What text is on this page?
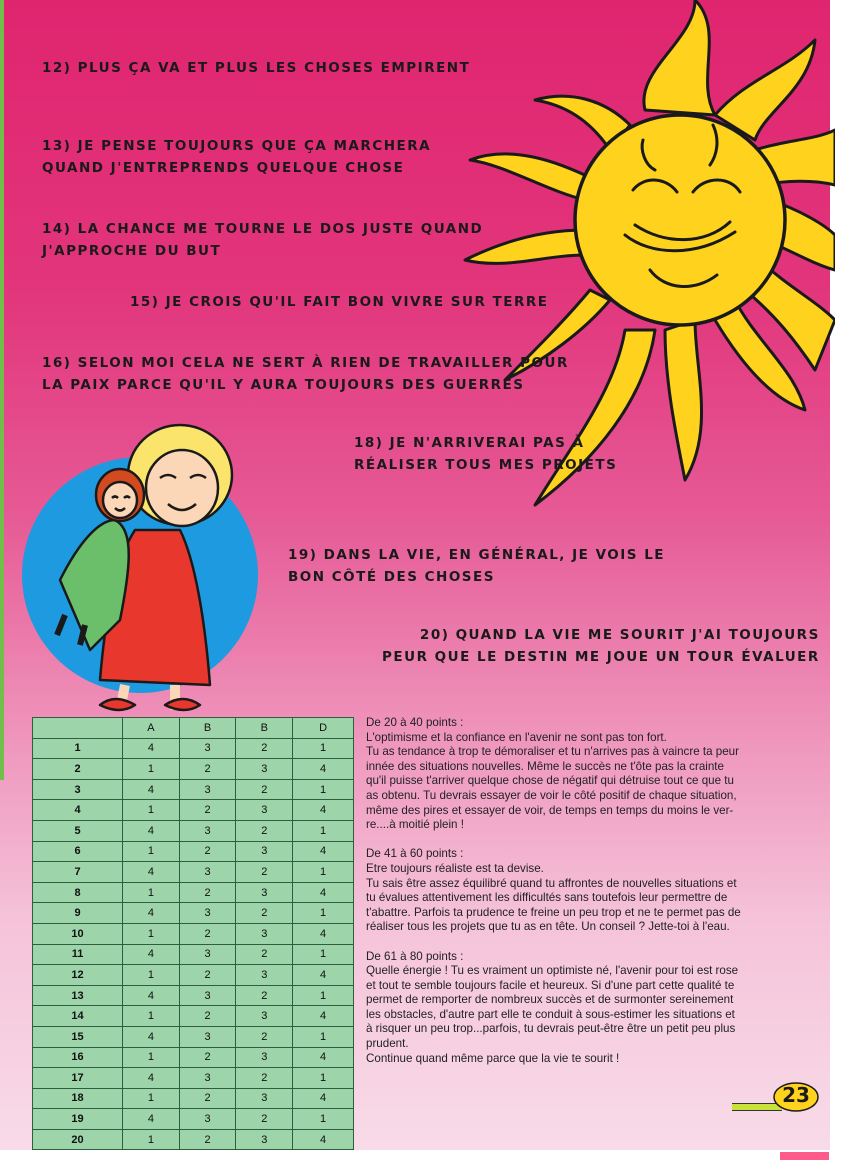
12) PLUS ÇA VA ET PLUS LES CHOSES EMPIRENT
13) JE PENSE TOUJOURS QUE ÇA MARCHERA
QUAND J'ENTREPRENDS QUELQUE CHOSE
14) LA CHANCE ME TOURNE LE DOS JUSTE QUAND
J'APPROCHE DU BUT
15) JE CROIS QU'IL FAIT BON VIVRE SUR TERRE
16) SELON MOI CELA NE SERT À RIEN DE TRAVAILLER POUR
LA PAIX PARCE QU'IL Y AURA TOUJOURS DES GUERRES
18) JE N'ARRIVERAI PAS À
RÉALISER TOUS MES PROJETS
19) DANS LA VIE, EN GÉNÉRAL, JE VOIS LE
BON CÔTÉ DES CHOSES
20) QUAND LA VIE ME SOURIT J'AI TOUJOURS
PEUR QUE LE DESTIN ME JOUE UN TOUR ÉVALUER
	A	B	B	D
1	4	3	2	1
2	1	2	3	4
3	4	3	2	1
4	1	2	3	4
5	4	3	2	1
6	1	2	3	4
7	4	3	2	1
8	1	2	3	4
9	4	3	2	1
10	1	2	3	4
11	4	3	2	1
12	1	2	3	4
13	4	3	2	1
14	1	2	3	4
15	4	3	2	1
16	1	2	3	4
17	4	3	2	1
18	1	2	3	4
19	4	3	2	1
20	1	2	3	4

De 20 à 40 points :
L'optimisme et la confiance en l'avenir ne sont pas ton fort.
Tu as tendance à trop te démoraliser et tu n'arrives pas à vaincre ta peur
innée des situations nouvelles. Même le succès ne t'ôte pas la crainte
qu'il puisse t'arriver quelque chose de négatif qui détruise tout ce que tu
as obtenu. Tu devrais essayer de voir le côté positif de chaque situation,
même des pires et essayer de voir, de temps en temps du moins le ver-
re....à moitié plein !

De 41 à 60 points :
Etre toujours réaliste est ta devise.
Tu sais être assez équilibré quand tu affrontes de nouvelles situations et
tu évalues attentivement les difficultés sans toutefois leur permettre de
t'abattre. Parfois ta prudence te freine un peu trop et ne te permet pas de
réaliser tous les projets que tu as en tête. Un conseil ? Jette-toi à l'eau.

De 61 à 80 points :
Quelle énergie ! Tu es vraiment un optimiste né, l'avenir pour toi est rose
et tout te semble toujours facile et heureux. Si d'une part cette qualité te
permet de remporter de nombreux succès et de surmonter sereinement
les obstacles, d'autre part elle te conduit à sous-estimer les situations et
à risquer un peu trop...parfois, tu devrais peut-être être un petit peu plus
prudent.
Continue quand même parce que la vie te sourit !

23
